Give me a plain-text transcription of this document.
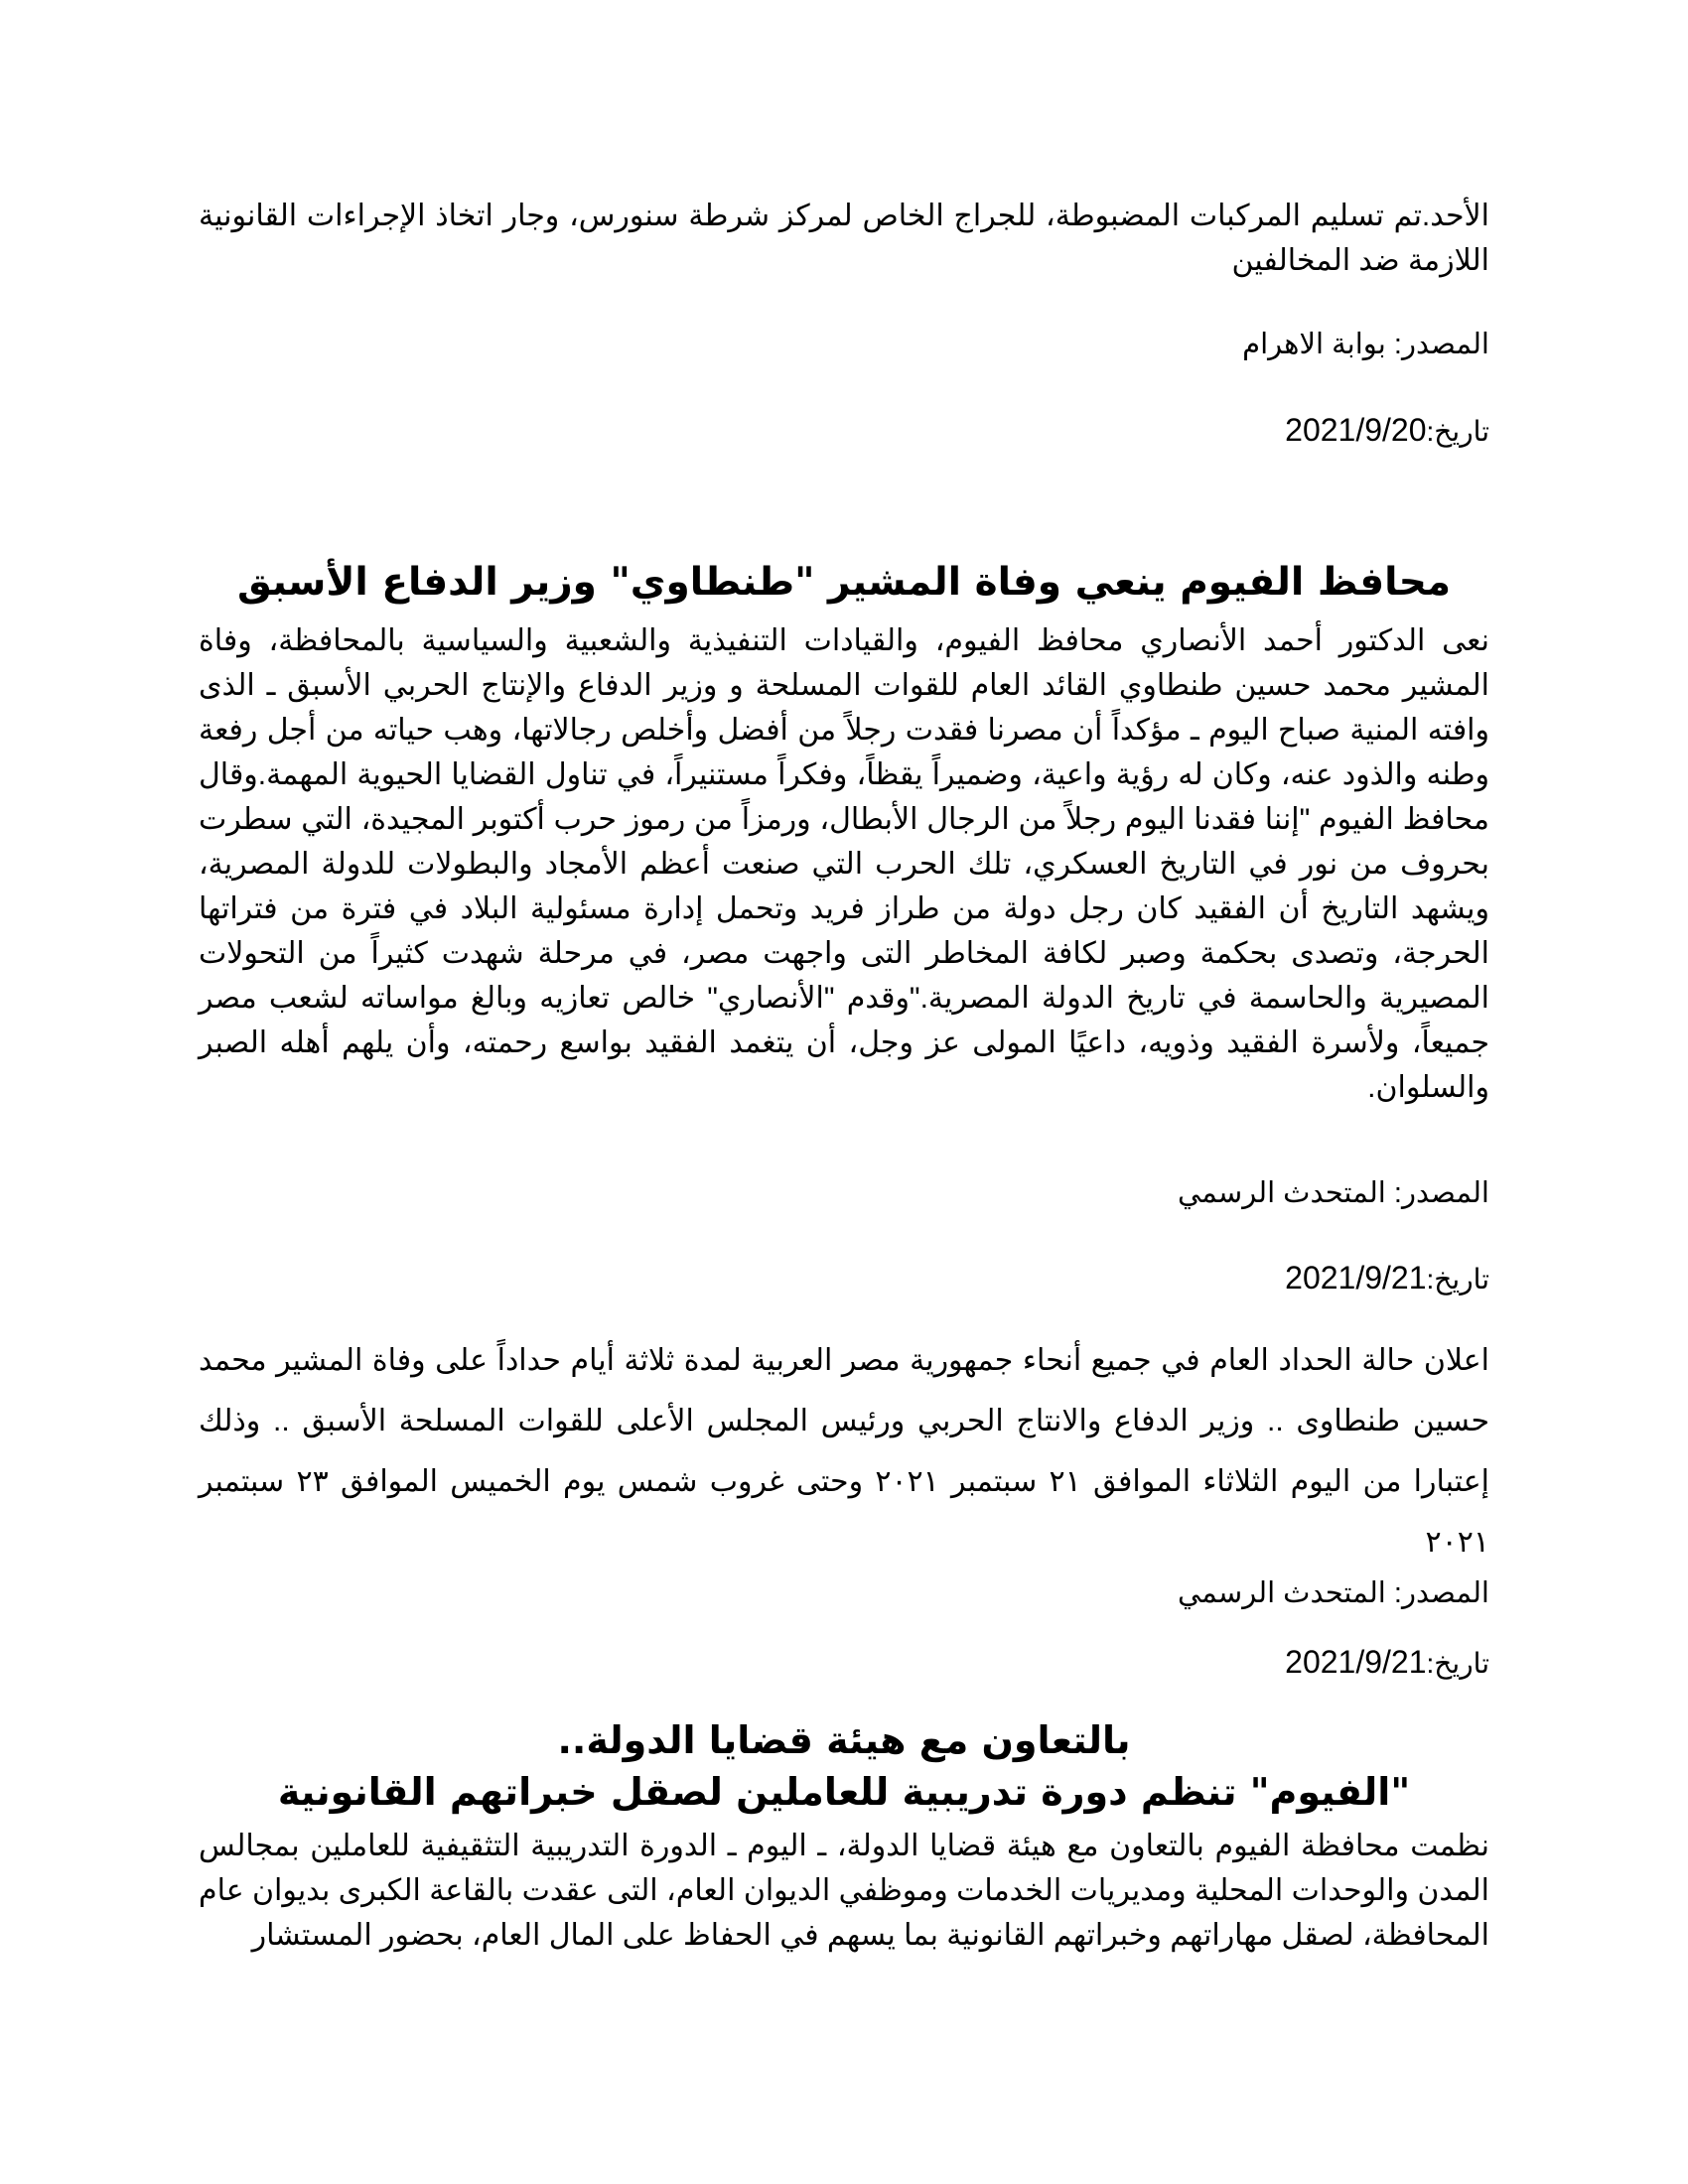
الأحد.تم تسليم المركبات المضبوطة، للجراج الخاص لمركز شرطة سنورس، وجار اتخاذ الإجراءات القانونية اللازمة ضد المخالفين

المصدر: بوابة الاهرام

تاريخ:2021/9/20

محافظ الفيوم ينعي وفاة المشير "طنطاوي" وزير الدفاع الأسبق

نعى الدكتور أحمد الأنصاري محافظ الفيوم، والقيادات التنفيذية والشعبية والسياسية بالمحافظة، وفاة المشير محمد حسين طنطاوي القائد العام للقوات المسلحة و وزير الدفاع والإنتاج الحربي الأسبق ـ الذى وافته المنية صباح اليوم ـ مؤكداً أن مصرنا فقدت رجلاً من أفضل وأخلص رجالاتها، وهب حياته من أجل رفعة وطنه والذود عنه، وكان له رؤية واعية، وضميراً يقظاً، وفكراً مستنيراً، في تناول القضايا الحيوية المهمة.وقال محافظ الفيوم "إننا فقدنا اليوم رجلاً من الرجال الأبطال، ورمزاً من رموز حرب أكتوبر المجيدة، التي سطرت بحروف من نور في التاريخ العسكري، تلك الحرب التي صنعت أعظم الأمجاد والبطولات للدولة المصرية، ويشهد التاريخ أن الفقيد كان رجل دولة من طراز فريد وتحمل إدارة مسئولية البلاد في فترة من فتراتها الحرجة، وتصدى بحكمة وصبر لكافة المخاطر التى واجهت مصر، في مرحلة شهدت كثيراً من التحولات المصيرية والحاسمة في تاريخ الدولة المصرية."وقدم "الأنصاري" خالص تعازيه وبالغ مواساته لشعب مصر جميعاً، ولأسرة الفقيد وذويه، داعيًا المولى عز وجل، أن يتغمد الفقيد بواسع رحمته، وأن يلهم أهله الصبر والسلوان.

المصدر: المتحدث الرسمي

تاريخ:2021/9/21

اعلان حالة الحداد العام في جميع أنحاء جمهورية مصر العربية لمدة ثلاثة أيام حداداً على وفاة المشير محمد حسين طنطاوى .. وزير الدفاع والانتاج الحربي ورئيس المجلس الأعلى للقوات المسلحة الأسبق .. وذلك إعتبارا من اليوم الثلاثاء الموافق ٢١ سبتمبر ٢٠٢١ وحتى غروب شمس يوم الخميس الموافق ٢٣ سبتمبر ٢٠٢١

المصدر: المتحدث الرسمي

تاريخ:2021/9/21

بالتعاون مع هيئة قضايا الدولة..
"الفيوم" تنظم دورة تدريبية للعاملين لصقل خبراتهم القانونية

نظمت محافظة الفيوم بالتعاون مع هيئة قضايا الدولة، ـ اليوم ـ الدورة التدريبية التثقيفية للعاملين بمجالس المدن والوحدات المحلية ومديريات الخدمات وموظفي الديوان العام، التى عقدت بالقاعة الكبرى بديوان عام المحافظة، لصقل مهاراتهم وخبراتهم القانونية بما يسهم في الحفاظ على المال العام، بحضور المستشار
